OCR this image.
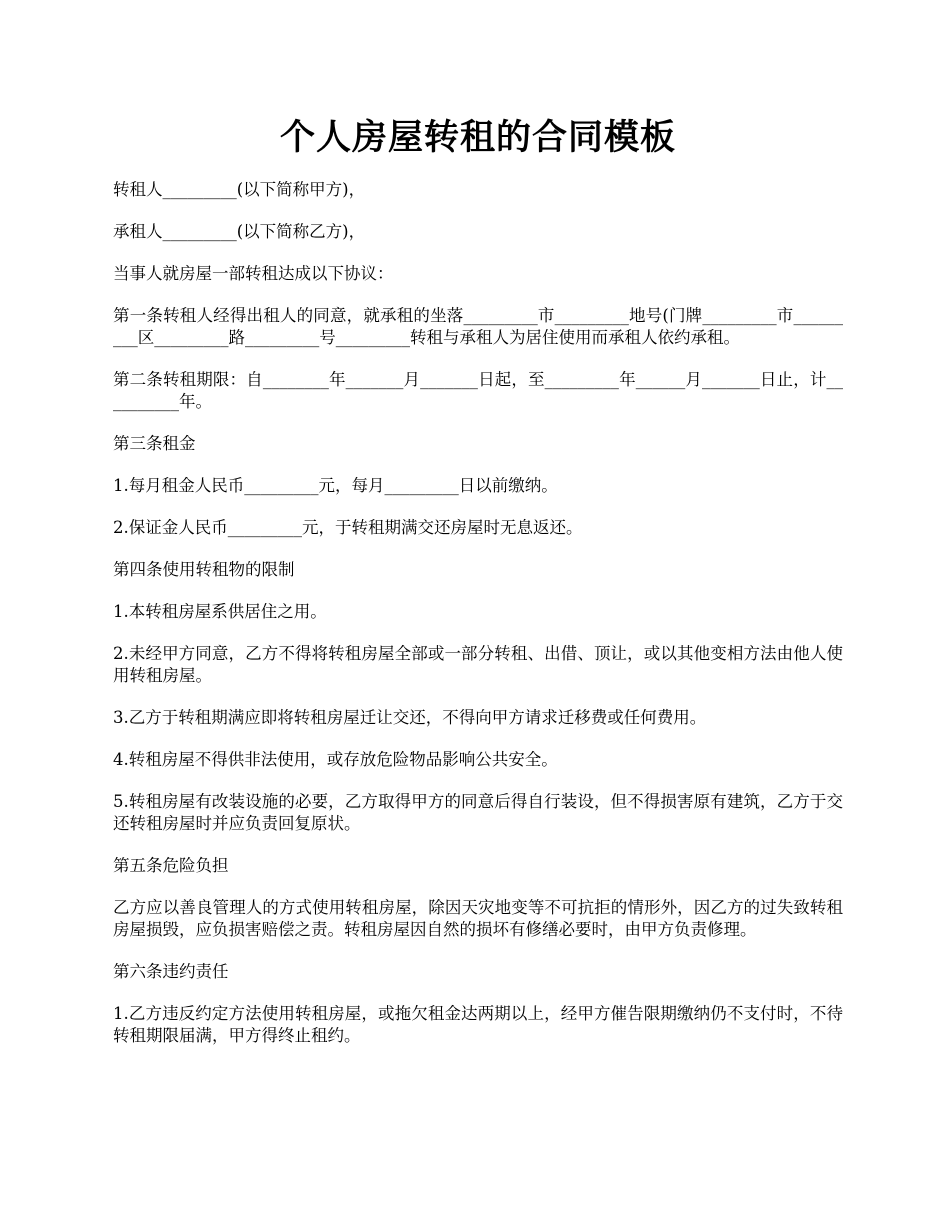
个人房屋转租的合同模板

转租人_________(以下简称甲方)，

承租人_________(以下简称乙方)，

当事人就房屋一部转租达成以下协议：

第一条转租人经得出租人的同意，就承租的坐落_________市_________地号(门牌_________市_________区_________路_________号_________转租与承租人为居住使用而承租人依约承租。

第二条转租期限：自________年_______月_______日起，至_________年______月_______日止，计__________年。

第三条租金

1.每月租金人民币_________元，每月_________日以前缴纳。

2.保证金人民币_________元，于转租期满交还房屋时无息返还。

第四条使用转租物的限制

1.本转租房屋系供居住之用。

2.未经甲方同意，乙方不得将转租房屋全部或一部分转租、出借、顶让，或以其他变相方法由他人使用转租房屋。

3.乙方于转租期满应即将转租房屋迁让交还，不得向甲方请求迁移费或任何费用。

4.转租房屋不得供非法使用，或存放危险物品影响公共安全。

5.转租房屋有改装设施的必要，乙方取得甲方的同意后得自行装设，但不得损害原有建筑，乙方于交还转租房屋时并应负责回复原状。

第五条危险负担

乙方应以善良管理人的方式使用转租房屋，除因天灾地变等不可抗拒的情形外，因乙方的过失致转租房屋损毁，应负损害赔偿之责。转租房屋因自然的损坏有修缮必要时，由甲方负责修理。

第六条违约责任

1.乙方违反约定方法使用转租房屋，或拖欠租金达两期以上，经甲方催告限期缴纳仍不支付时，不待转租期限届满，甲方得终止租约。
